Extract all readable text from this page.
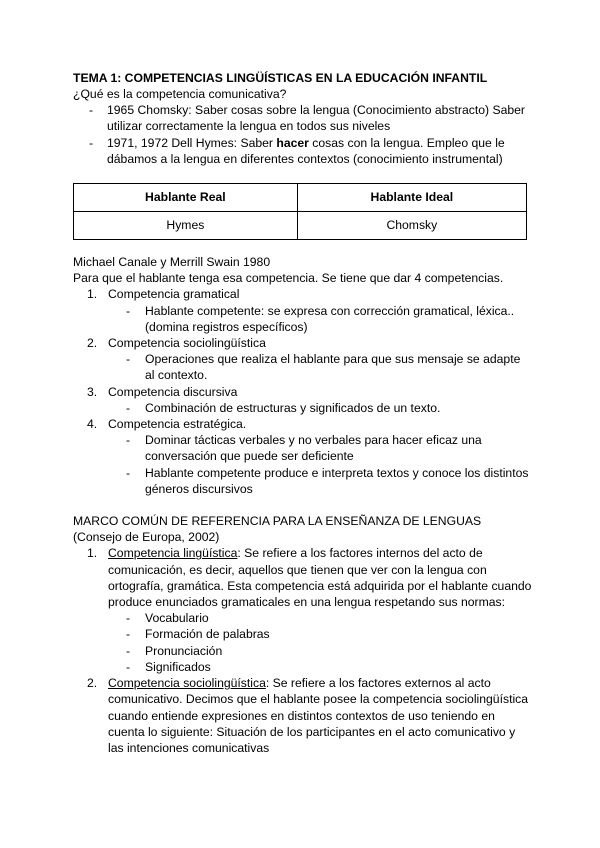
TEMA 1: COMPETENCIAS LINGÜÍSTICAS EN LA EDUCACIÓN INFANTIL
¿Qué es la competencia comunicativa?
- 1965 Chomsky: Saber cosas sobre la lengua (Conocimiento abstracto) Saber utilizar correctamente la lengua en todos sus niveles
- 1971, 1972 Dell Hymes: Saber hacer cosas con la lengua. Empleo que le dábamos a la lengua en diferentes contextos (conocimiento instrumental)
Hablante Real	Hablante Ideal
Hymes	Chomsky
Michael Canale y Merrill Swain 1980
Para que el hablante tenga esa competencia. Se tiene que dar 4 competencias.
1. Competencia gramatical
- Hablante competente: se expresa con corrección gramatical, léxica.. (domina registros específicos)
2. Competencia sociolingüística
- Operaciones que realiza el hablante para que sus mensaje se adapte al contexto.
3. Competencia discursiva
- Combinación de estructuras y significados de un texto.
4. Competencia estratégica.
- Dominar tácticas verbales y no verbales para hacer eficaz una conversación que puede ser deficiente
- Hablante competente produce e interpreta textos y conoce los distintos géneros discursivos
MARCO COMÚN DE REFERENCIA PARA LA ENSEÑANZA DE LENGUAS
(Consejo de Europa, 2002)
1. Competencia lingüística: Se refiere a los factores internos del acto de comunicación, es decir, aquellos que tienen que ver con la lengua con ortografía, gramática. Esta competencia está adquirida por el hablante cuando produce enunciados gramaticales en una lengua respetando sus normas:
- Vocabulario
- Formación de palabras
- Pronunciación
- Significados
2. Competencia sociolingüística: Se refiere a los factores externos al acto comunicativo. Decimos que el hablante posee la competencia sociolingüística cuando entiende expresiones en distintos contextos de uso teniendo en cuenta lo siguiente: Situación de los participantes en el acto comunicativo y las intenciones comunicativas
